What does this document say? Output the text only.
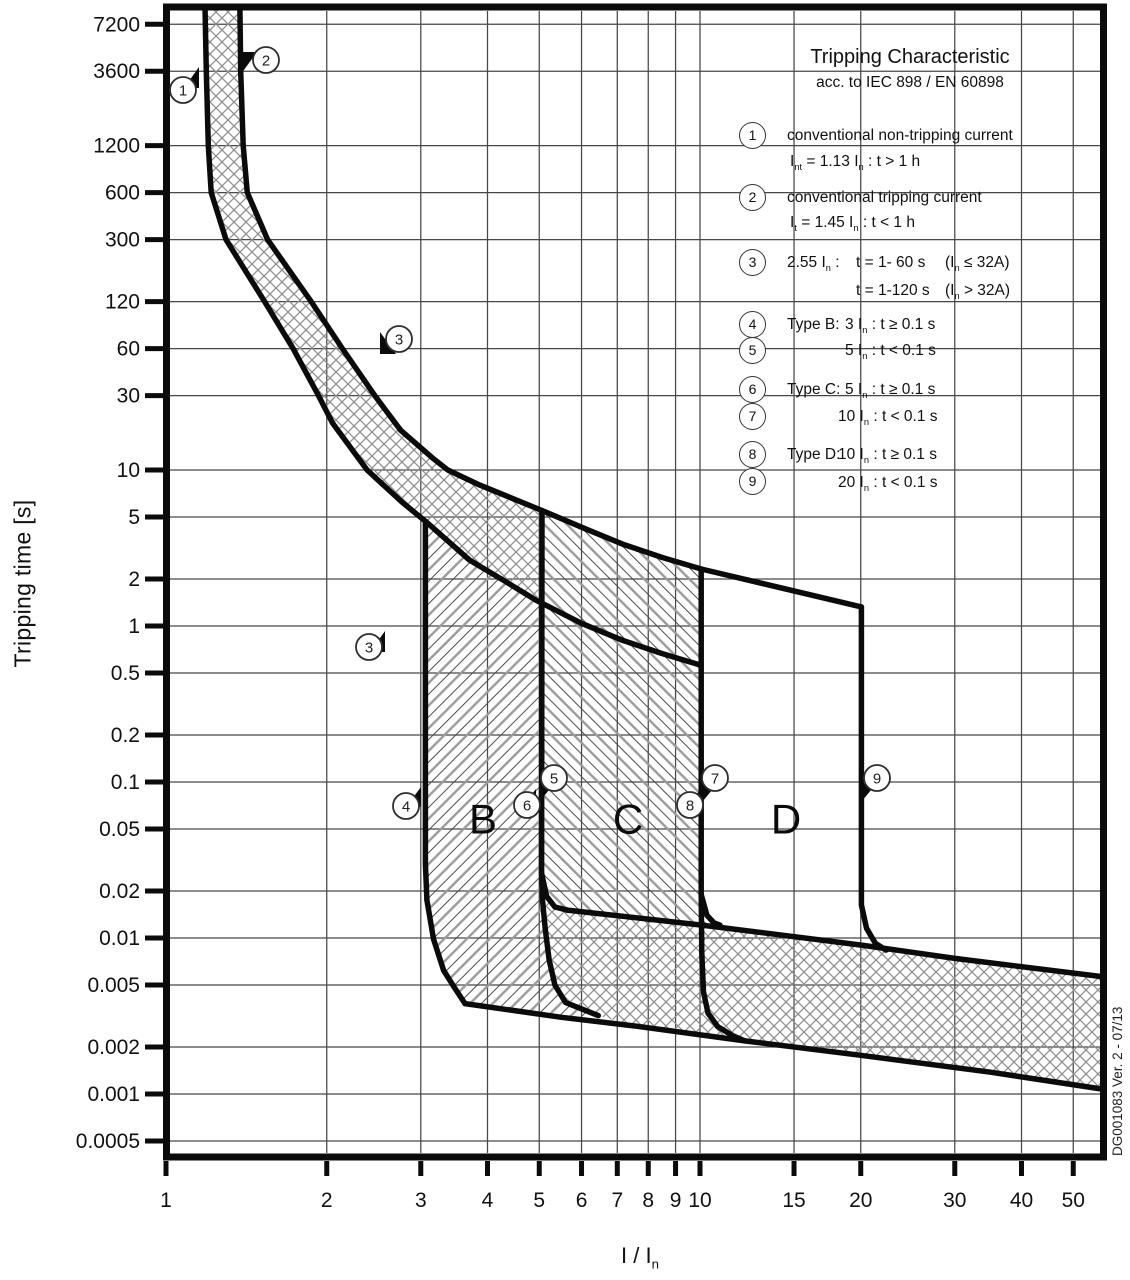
7200
3600
1200
600
300
120
60
30
10
5
2
1
0.5
0.2
0.1
0.05
0.02
0.01
0.005
0.002
0.001
0.0005
1	2	3	4 5 6 7 8 9 10	15 20	30 40 50
B	C	D
1
2
3
3
4
5
6
7
8
9
Tripping time [s]
I / $I_n$
DG001083 Ver. 2 - 07/13
Tripping Characteristic
acc. to IEC 898 / EN 60898
1
2
3
4
5
6
7
8
9
conventional non-tripping current
$I_{nt} = 1.13$ $I_n$ : t > 1 h
conventional tripping current
$I_t = 1.45$ $I_n$ : t < 1 h
2.55 $I_n$ : t = 1- 60 s $(I_n \le 32A)$
t = 1-120 s $(I_n > 32A)$
Type B: 3 $I_n$ : t ≥ 0.1 s
5 $I_n$ : t < 0.1 s
Type C: 5 $I_n$ : t ≥ 0.1 s
10 $I_n$ : t < 0.1 s
Type D:
10 $I_n$ : t ≥ 0.1 s
20 $I_n$ : t < 0.1 s
